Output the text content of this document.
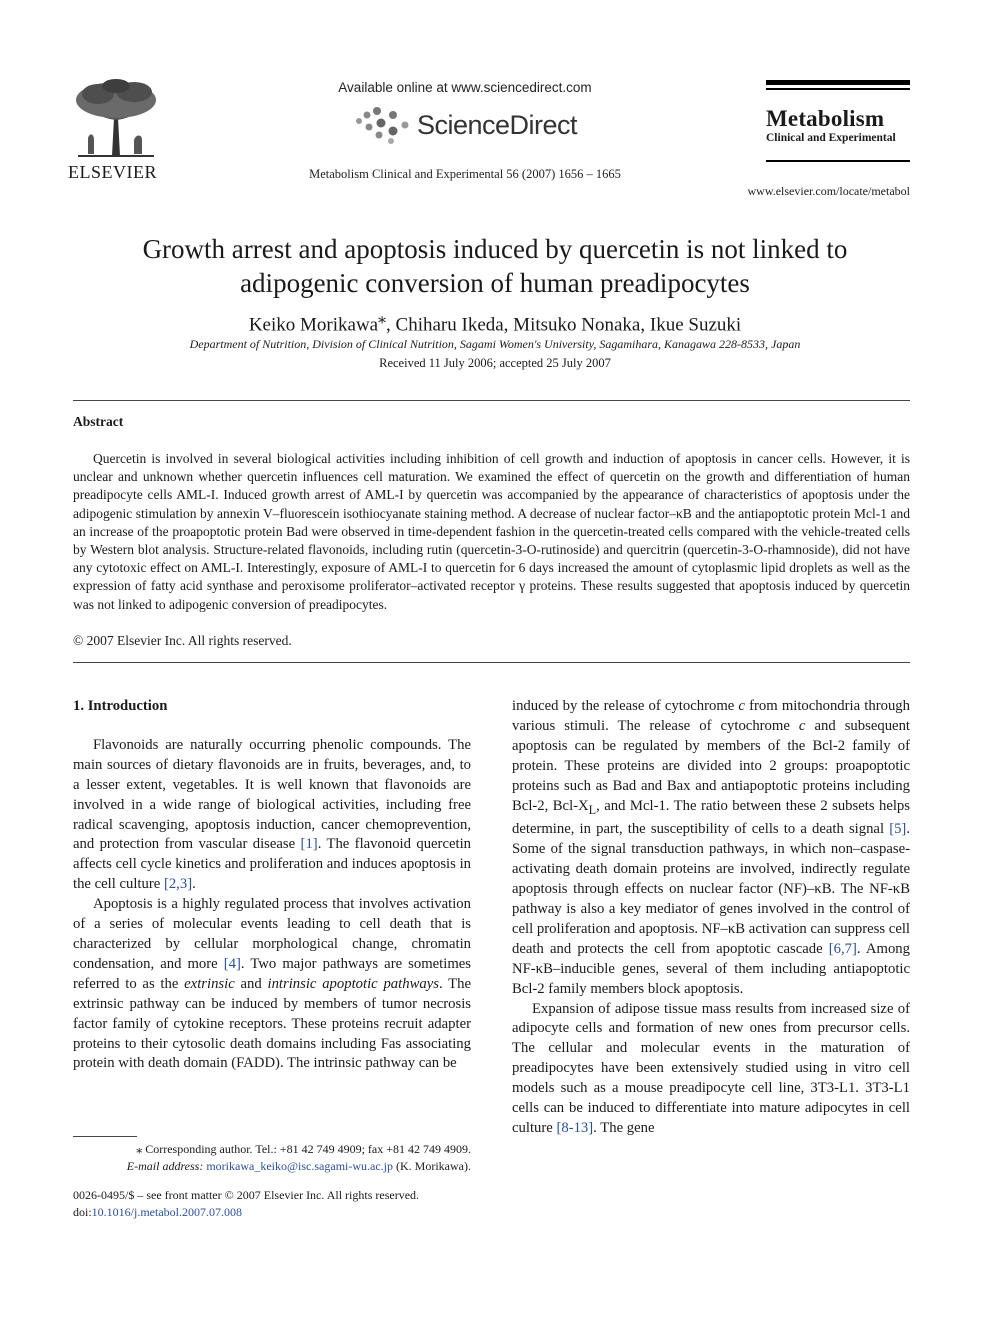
ELSEVIER
Available online at www.sciencedirect.com
ScienceDirect
Metabolism Clinical and Experimental 56 (2007) 1656 – 1665
Metabolism
Clinical and Experimental
www.elsevier.com/locate/metabol
Growth arrest and apoptosis induced by quercetin is not linked to
adipogenic conversion of human preadipocytes
Keiko Morikawa⁎, Chiharu Ikeda, Mitsuko Nonaka, Ikue Suzuki
Department of Nutrition, Division of Clinical Nutrition, Sagami Women's University, Sagamihara, Kanagawa 228-8533, Japan
Received 11 July 2006; accepted 25 July 2007
Abstract
Quercetin is involved in several biological activities including inhibition of cell growth and induction of apoptosis in cancer cells. However, it is unclear and unknown whether quercetin influences cell maturation. We examined the effect of quercetin on the growth and differentiation of human preadipocyte cells AML-I. Induced growth arrest of AML-I by quercetin was accompanied by the appearance of characteristics of apoptosis under the adipogenic stimulation by annexin V–fluorescein isothiocyanate staining method. A decrease of nuclear factor–κB and the antiapoptotic protein Mcl-1 and an increase of the proapoptotic protein Bad were observed in time-dependent fashion in the quercetin-treated cells compared with the vehicle-treated cells by Western blot analysis. Structure-related flavonoids, including rutin (quercetin-3-O-rutinoside) and quercitrin (quercetin-3-O-rhamnoside), did not have any cytotoxic effect on AML-I. Interestingly, exposure of AML-I to quercetin for 6 days increased the amount of cytoplasmic lipid droplets as well as the expression of fatty acid synthase and peroxisome proliferator–activated receptor γ proteins. These results suggested that apoptosis induced by quercetin was not linked to adipogenic conversion of preadipocytes.
© 2007 Elsevier Inc. All rights reserved.
1. Introduction

Flavonoids are naturally occurring phenolic compounds. The main sources of dietary flavonoids are in fruits, beverages, and, to a lesser extent, vegetables. It is well known that flavonoids are involved in a wide range of biological activities, including free radical scavenging, apoptosis induction, cancer chemoprevention, and protection from vascular disease [1]. The flavonoid quercetin affects cell cycle kinetics and proliferation and induces apoptosis in the cell culture [2,3].

Apoptosis is a highly regulated process that involves activation of a series of molecular events leading to cell death that is characterized by cellular morphological change, chromatin condensation, and more [4]. Two major pathways are sometimes referred to as the extrinsic and intrinsic apoptotic pathways. The extrinsic pathway can be induced by members of tumor necrosis factor family of cytokine receptors. These proteins recruit adapter proteins to their cytosolic death domains including Fas associating protein with death domain (FADD). The intrinsic pathway can be

induced by the release of cytochrome c from mitochondria through various stimuli. The release of cytochrome c and subsequent apoptosis can be regulated by members of the Bcl-2 family of protein. These proteins are divided into 2 groups: proapoptotic proteins such as Bad and Bax and antiapoptotic proteins including Bcl-2, Bcl-$X_L$, and Mcl-1. The ratio between these 2 subsets helps determine, in part, the susceptibility of cells to a death signal [5]. Some of the signal transduction pathways, in which non–caspase-activating death domain proteins are involved, indirectly regulate apoptosis through effects on nuclear factor (NF)–κB. The NF-κB pathway is also a key mediator of genes involved in the control of cell proliferation and apoptosis. NF–κB activation can suppress cell death and protects the cell from apoptotic cascade [6,7]. Among NF-κB–inducible genes, several of them including antiapoptotic Bcl-2 family members block apoptosis.

Expansion of adipose tissue mass results from increased size of adipocyte cells and formation of new ones from precursor cells. The cellular and molecular events in the maturation of preadipocytes have been extensively studied using in vitro cell models such as a mouse preadipocyte cell line, 3T3-L1. 3T3-L1 cells can be induced to differentiate into mature adipocytes in cell culture [8-13]. The gene

⁎ Corresponding author. Tel.: +81 42 749 4909; fax +81 42 749 4909.
E-mail address: morikawa_keiko@isc.sagami-wu.ac.jp (K. Morikawa).
0026-0495/$ – see front matter © 2007 Elsevier Inc. All rights reserved.
doi:10.1016/j.metabol.2007.07.008
